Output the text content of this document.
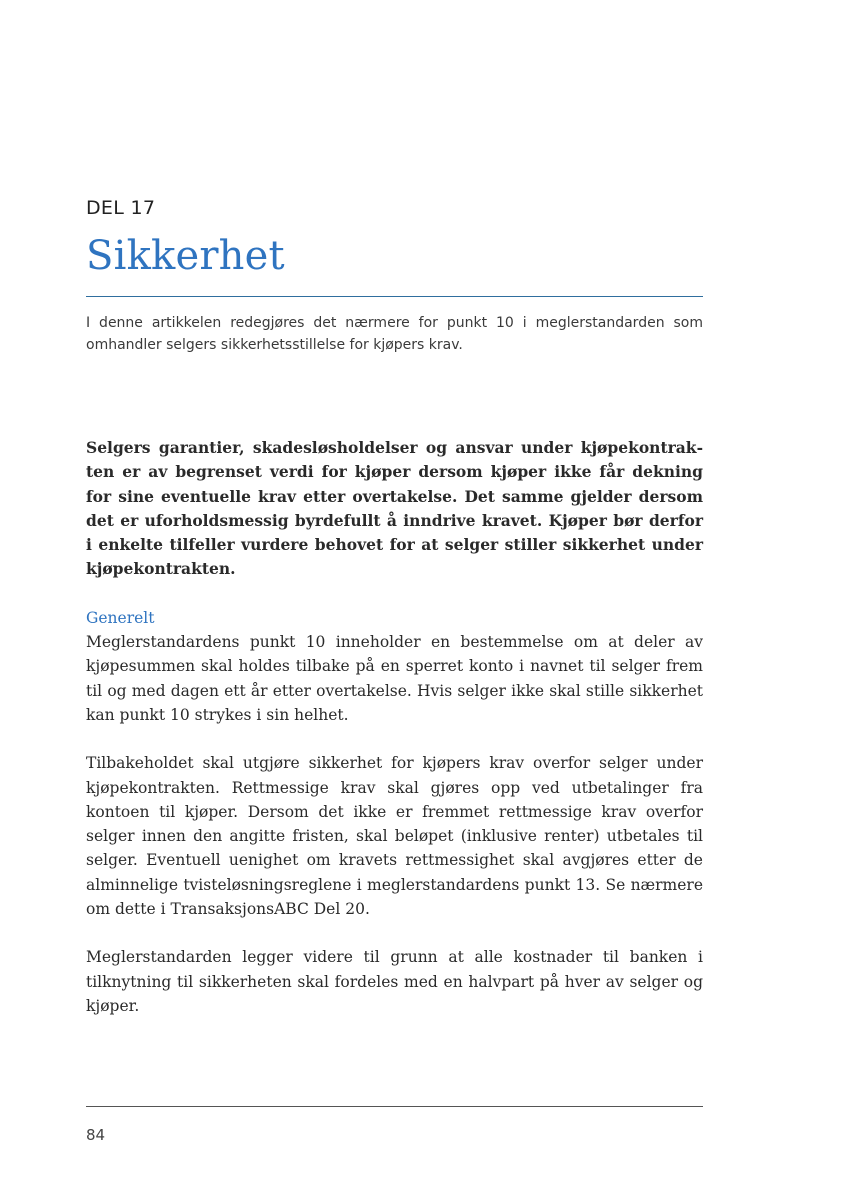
DEL 17
Sikkerhet

I denne artikkelen redegjøres det nærmere for punkt 10 i meglerstandarden som omhandler selgers sikkerhetsstillelse for kjøpers krav.

Selgers garantier, skadesløsholdelser og ansvar under kjøpekontrakten er av begrenset verdi for kjøper dersom kjøper ikke får dekning for sine eventuelle krav etter overtakelse. Det samme gjelder dersom det er uforholdsmessig byrdefullt å inndrive kravet. Kjøper bør derfor i enkelte tilfeller vurdere behovet for at selger stiller sikkerhet under kjøpekontrakten.

Generelt

Meglerstandardens punkt 10 inneholder en bestemmelse om at deler av kjøpesummen skal holdes tilbake på en sperret konto i navnet til selger frem til og med dagen ett år etter overtakelse. Hvis selger ikke skal stille sikkerhet kan punkt 10 strykes i sin helhet.

Tilbakeholdet skal utgjøre sikkerhet for kjøpers krav overfor selger under kjøpekontrakten. Rettmessige krav skal gjøres opp ved utbetalinger fra kontoen til kjøper. Dersom det ikke er fremmet rettmessige krav overfor selger innen den angitte fristen, skal beløpet (inklusive renter) utbetales til selger. Eventuell uenighet om kravets rettmessighet skal avgjøres etter de alminnelige tvisteløsningsreglene i meglerstandardens punkt 13. Se nærmere om dette i TransaksjonsABC Del 20.

Meglerstandarden legger videre til grunn at alle kostnader til banken i tilknytning til sikkerheten skal fordeles med en halvpart på hver av selger og kjøper.

84
